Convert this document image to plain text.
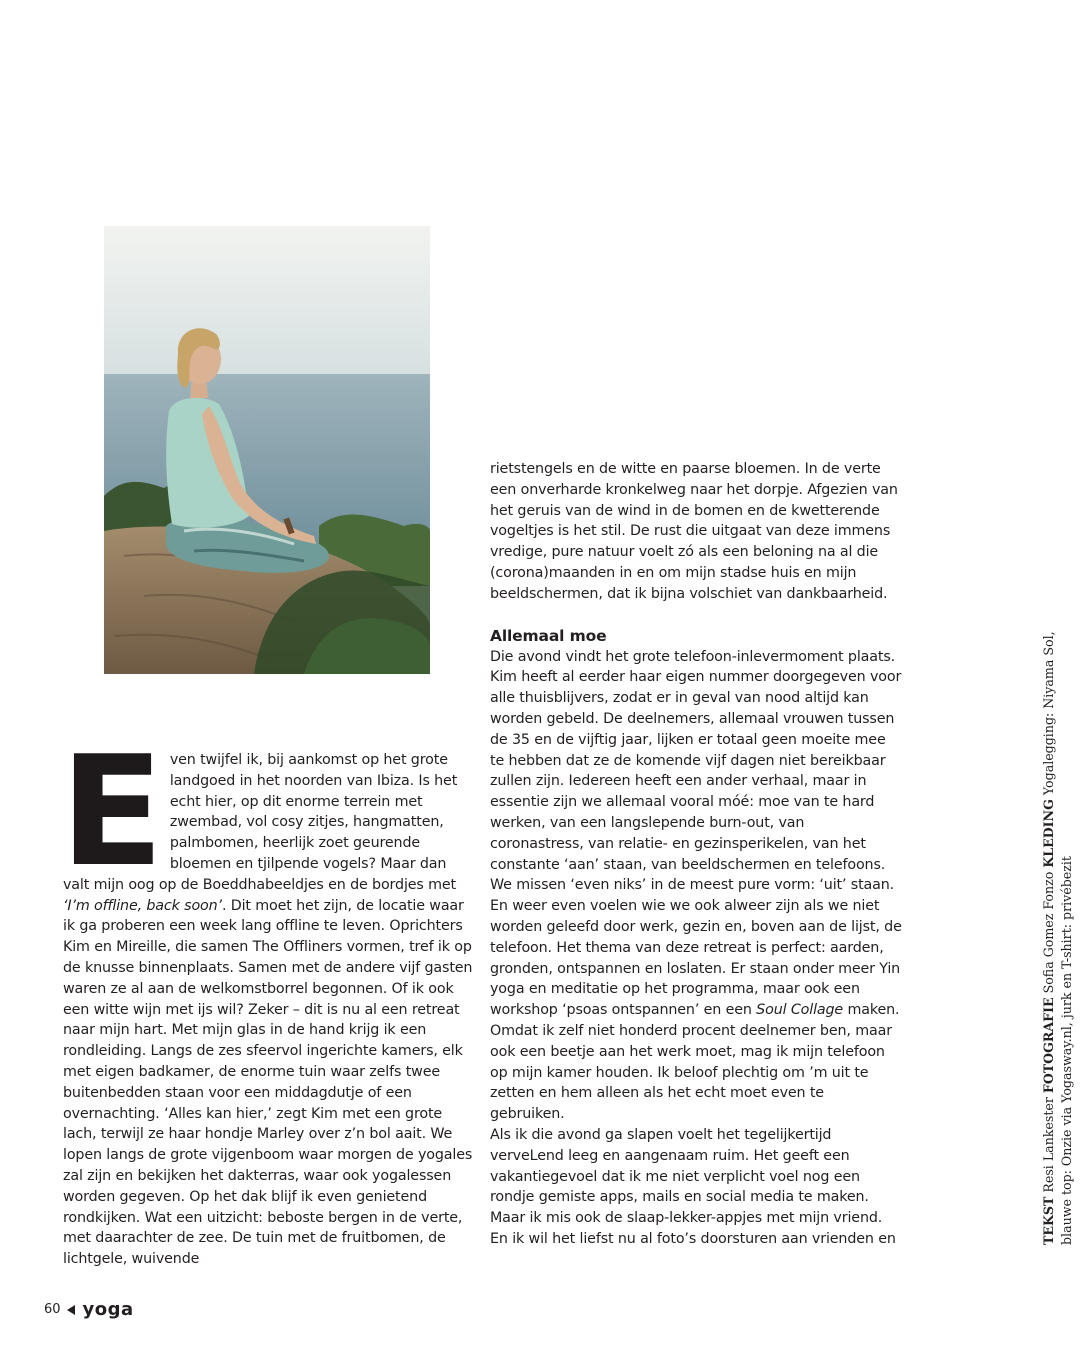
E ven twijfel ik, bij aankomst op het grote landgoed in het noorden van Ibiza. Is het echt hier, op dit enorme terrein met zwembad, vol cosy zitjes, hangmatten, palmbomen, heerlijk zoet geurende bloemen en tjilpende vogels? Maar dan valt mijn oog op de Boeddhabeeldjes en de bordjes met ‘I’m offline, back soon’. Dit moet het zijn, de locatie waar ik ga proberen een week lang offline te leven. Oprichters Kim en Mireille, die samen The Offliners vormen, tref ik op de knusse binnenplaats. Samen met de andere vijf gasten waren ze al aan de welkomstborrel begonnen. Of ik ook een witte wijn met ijs wil? Zeker – dit is nu al een retreat naar mijn hart. Met mijn glas in de hand krijg ik een rondleiding. Langs de zes sfeervol ingerichte kamers, elk met eigen badkamer, de enorme tuin waar zelfs twee buitenbedden staan voor een middagdutje of een overnachting. ‘Alles kan hier,’ zegt Kim met een grote lach, terwijl ze haar hondje Marley over z’n bol aait. We lopen langs de grote vijgenboom waar morgen de yogales zal zijn en bekijken het dakterras, waar ook yogalessen worden gegeven. Op het dak blijf ik even genietend rondkijken. Wat een uitzicht: beboste bergen in de verte, met daarachter de zee. De tuin met de fruitbomen, de lichtgele, wuivende

rietstengels en de witte en paarse bloemen. In de verte een onverharde kronkelweg naar het dorpje. Afgezien van het geruis van de wind in de bomen en de kwetterende vogeltjes is het stil. De rust die uitgaat van deze immens vredige, pure natuur voelt zó als een beloning na al die (corona)maanden in en om mijn stadse huis en mijn beeldschermen, dat ik bijna volschiet van dankbaarheid.

Allemaal moe

Die avond vindt het grote telefoon-inlevermoment plaats. Kim heeft al eerder haar eigen nummer doorgegeven voor alle thuisblijvers, zodat er in geval van nood altijd kan worden gebeld. De deelnemers, allemaal vrouwen tussen de 35 en de vijftig jaar, lijken er totaal geen moeite mee te hebben dat ze de komende vijf dagen niet bereikbaar zullen zijn. Iedereen heeft een ander verhaal, maar in essentie zijn we allemaal vooral móé: moe van te hard werken, van een langslepende burn-out, van coronastress, van relatie- en gezinsperikelen, van het constante ‘aan’ staan, van beeldschermen en telefoons. We missen ‘even niks’ in de meest pure vorm: ‘uit’ staan. En weer even voelen wie we ook alweer zijn als we niet worden geleefd door werk, gezin en, boven aan de lijst, de telefoon. Het thema van deze retreat is perfect: aarden, gronden, ontspannen en loslaten. Er staan onder meer Yin yoga en meditatie op het programma, maar ook een workshop ‘psoas ontspannen’ en een Soul Collage maken. Omdat ik zelf niet honderd procent deelnemer ben, maar ook een beetje aan het werk moet, mag ik mijn telefoon op mijn kamer houden. Ik beloof plechtig om ’m uit te zetten en hem alleen als het echt moet even te gebruiken.

Als ik die avond ga slapen voelt het tegelijkertijd verveLend leeg en aangenaam ruim. Het geeft een vakantiegevoel dat ik me niet verplicht voel nog een rondje gemiste apps, mails en social media te maken. Maar ik mis ook de slaap-lekker-appjes met mijn vriend. En ik wil het liefst nu al foto’s doorsturen aan vrienden en	TEKST Resi Lankester FOTOGRAFIE Sofia Gomez Fonzo KLEDING Yogalegging: Niyama Sol,
blauwe top: Onzie via Yogasway.nl, jurk en T-shirt: privébezit
60 yoga
